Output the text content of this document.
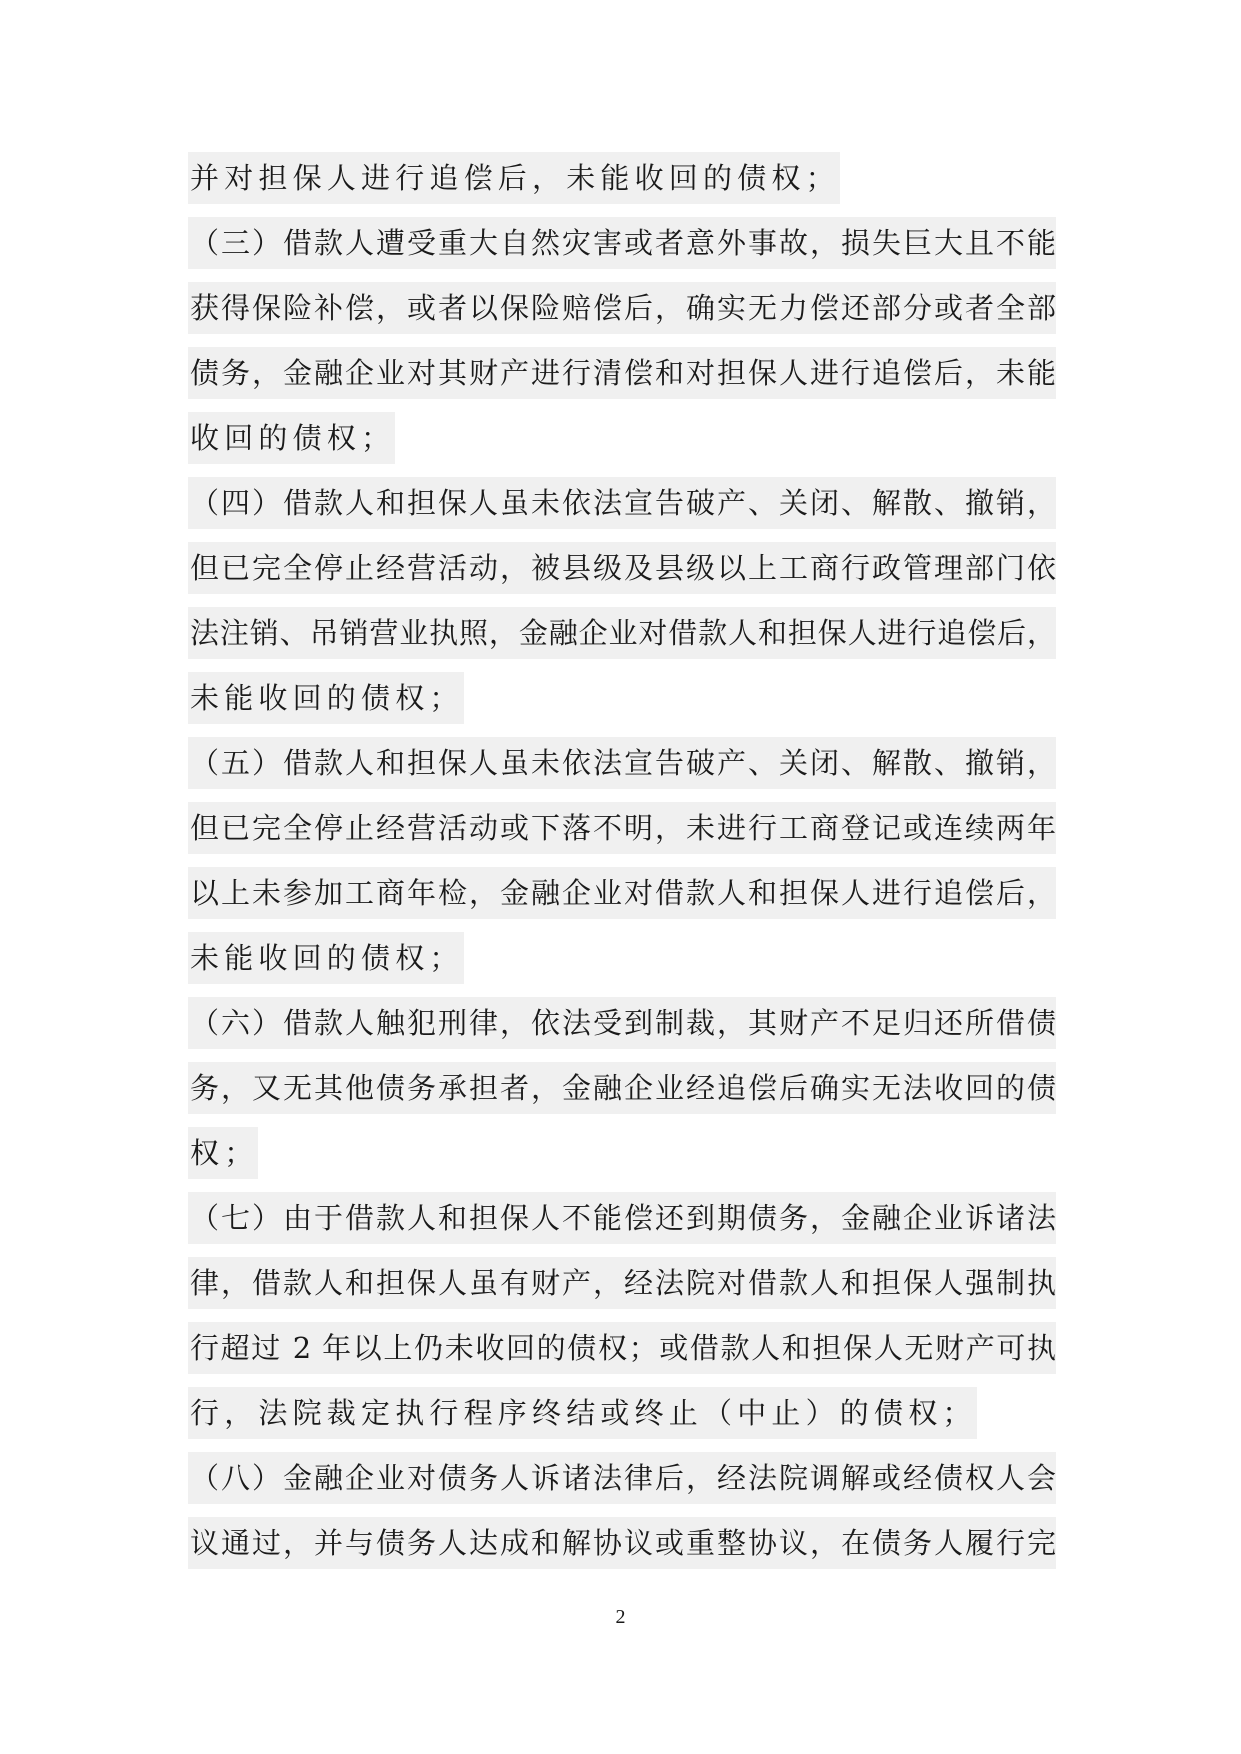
并对担保人进行追偿后，未能收回的债权；
（三）借款人遭受重大自然灾害或者意外事故，损失巨大且不能
获得保险补偿，或者以保险赔偿后，确实无力偿还部分或者全部
债务，金融企业对其财产进行清偿和对担保人进行追偿后，未能
收回的债权；
（四）借款人和担保人虽未依法宣告破产、关闭、解散、撤销，
但已完全停止经营活动，被县级及县级以上工商行政管理部门依
法注销、吊销营业执照，金融企业对借款人和担保人进行追偿后，
未能收回的债权；
（五）借款人和担保人虽未依法宣告破产、关闭、解散、撤销，
但已完全停止经营活动或下落不明，未进行工商登记或连续两年
以上未参加工商年检，金融企业对借款人和担保人进行追偿后，
未能收回的债权；
（六）借款人触犯刑律，依法受到制裁，其财产不足归还所借债
务，又无其他债务承担者，金融企业经追偿后确实无法收回的债
权；
（七）由于借款人和担保人不能偿还到期债务，金融企业诉诸法
律，借款人和担保人虽有财产，经法院对借款人和担保人强制执
行超过 2 年以上仍未收回的债权；或借款人和担保人无财产可执
行，法院裁定执行程序终结或终止（中止）的债权；
（八）金融企业对债务人诉诸法律后，经法院调解或经债权人会
议通过，并与债务人达成和解协议或重整协议，在债务人履行完
2
